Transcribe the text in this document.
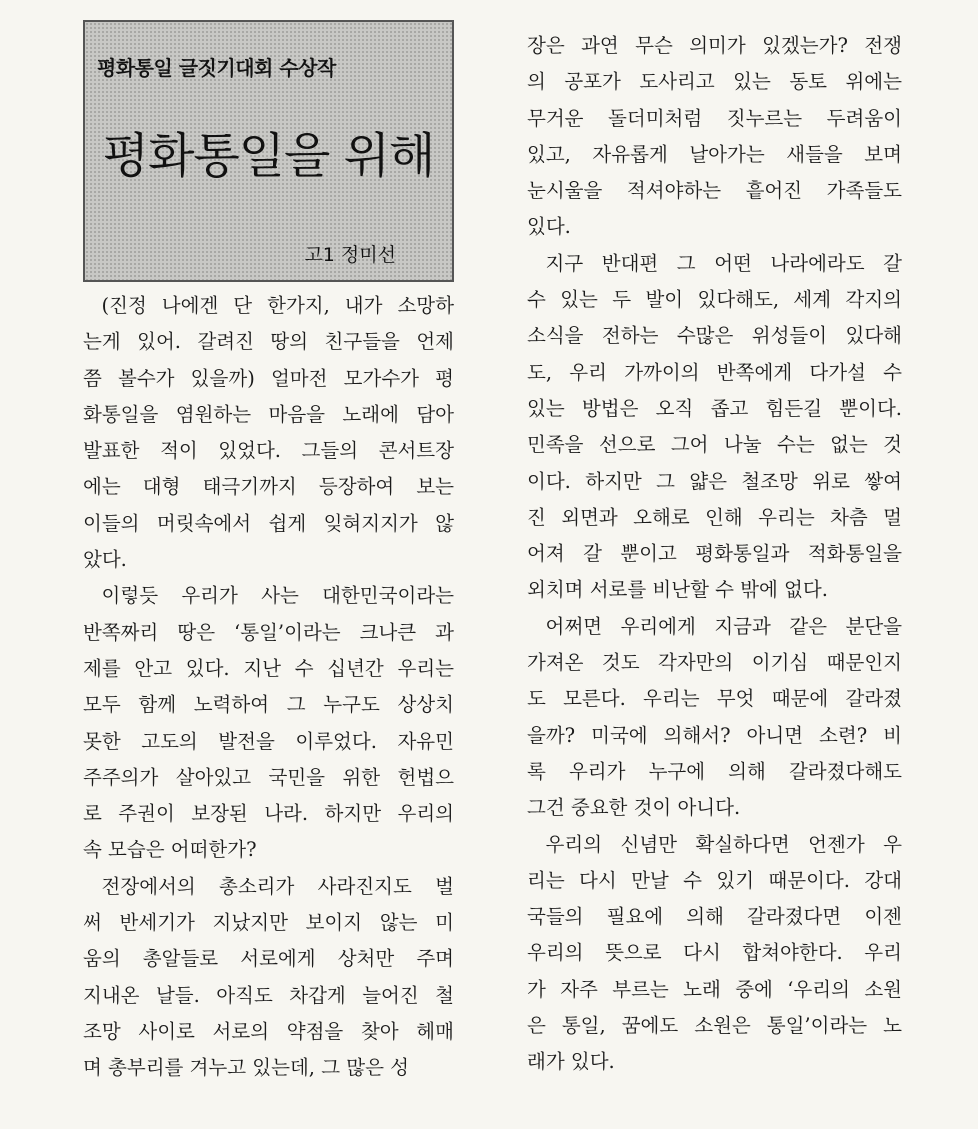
평화통일 글짓기대회 수상작
평화통일을 위해
고1 정미선

(진정 나에겐 단 한가지, 내가 소망하
는게 있어. 갈려진 땅의 친구들을 언제
쯤 볼수가 있을까) 얼마전 모가수가 평
화통일을 염원하는 마음을 노래에 담아
발표한 적이 있었다. 그들의 콘서트장
에는 대형 태극기까지 등장하여 보는
이들의 머릿속에서 쉽게 잊혀지지가 않
았다.

이렇듯 우리가 사는 대한민국이라는
반쪽짜리 땅은 ‘통일’이라는 크나큰 과
제를 안고 있다. 지난 수 십년간 우리는
모두 함께 노력하여 그 누구도 상상치
못한 고도의 발전을 이루었다. 자유민
주주의가 살아있고 국민을 위한 헌법으
로 주권이 보장된 나라. 하지만 우리의
속 모습은 어떠한가?

전장에서의 총소리가 사라진지도 벌
써 반세기가 지났지만 보이지 않는 미
움의 총알들로 서로에게 상처만 주며
지내온 날들. 아직도 차갑게 늘어진 철
조망 사이로 서로의 약점을 찾아 헤매
며 총부리를 겨누고 있는데, 그 많은 성

장은 과연 무슨 의미가 있겠는가? 전쟁
의 공포가 도사리고 있는 동토 위에는
무거운 돌더미처럼 짓누르는 두려움이
있고, 자유롭게 날아가는 새들을 보며
눈시울을 적셔야하는 흩어진 가족들도
있다.

지구 반대편 그 어떤 나라에라도 갈
수 있는 두 발이 있다해도, 세계 각지의
소식을 전하는 수많은 위성들이 있다해
도, 우리 가까이의 반쪽에게 다가설 수
있는 방법은 오직 좁고 힘든길 뿐이다.
민족을 선으로 그어 나눌 수는 없는 것
이다. 하지만 그 얇은 철조망 위로 쌓여
진 외면과 오해로 인해 우리는 차츰 멀
어져 갈 뿐이고 평화통일과 적화통일을
외치며 서로를 비난할 수 밖에 없다.

어쩌면 우리에게 지금과 같은 분단을
가져온 것도 각자만의 이기심 때문인지
도 모른다. 우리는 무엇 때문에 갈라졌
을까? 미국에 의해서? 아니면 소련? 비
록 우리가 누구에 의해 갈라졌다해도
그건 중요한 것이 아니다.

우리의 신념만 확실하다면 언젠가 우
리는 다시 만날 수 있기 때문이다. 강대
국들의 필요에 의해 갈라졌다면 이젠
우리의 뜻으로 다시 합쳐야한다. 우리
가 자주 부르는 노래 중에 ‘우리의 소원
은 통일, 꿈에도 소원은 통일’이라는 노
래가 있다.
